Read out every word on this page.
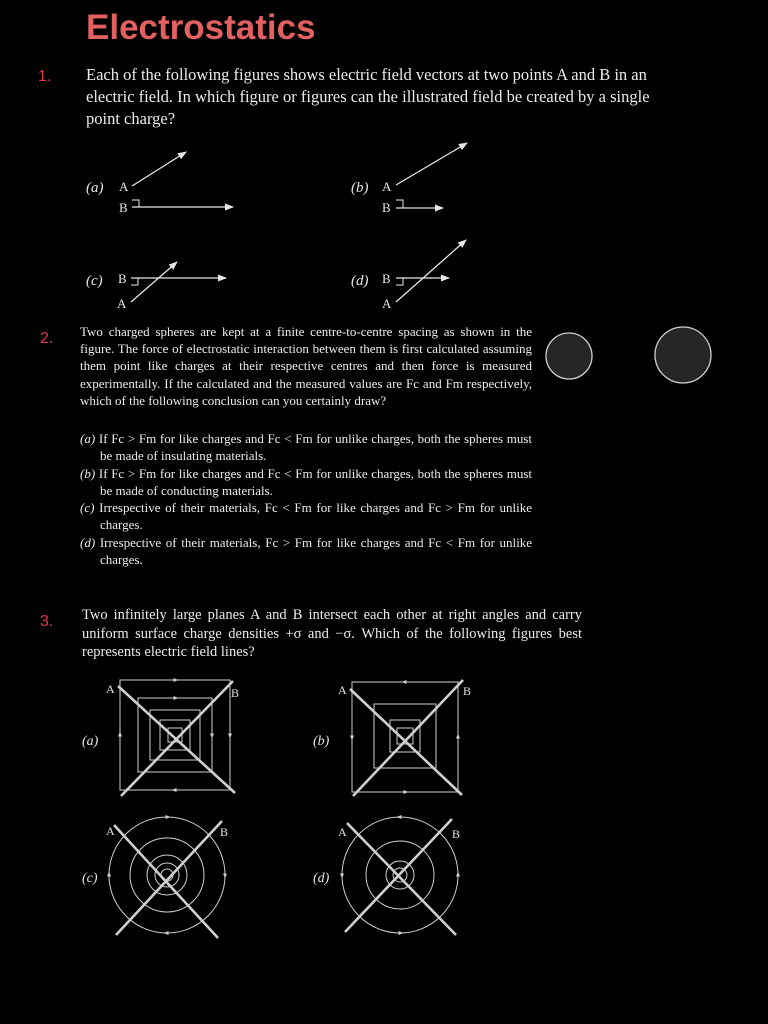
Electrostatics
1. Each of the following figures shows electric field vectors at two points A and B in an electric field. In which figure or figures can the illustrated field be created by a single point charge?
2. Two charged spheres are kept at a finite centre-to-centre spacing as shown in the figure. The force of electrostatic interaction between them is first calculated assuming them point like charges at their respective centres and then force is measured experimentally. If the calculated and the measured values are Fc and Fm respectively, which of the following conclusion can you certainly draw?

(a) If Fc > Fm for like charges and Fc < Fm for unlike charges, both the spheres must be made of insulating materials.

(b) If Fc > Fm for like charges and Fc < Fm for unlike charges, both the spheres must be made of conducting materials.

(c) Irrespective of their materials, Fc < Fm for like charges and Fc > Fm for unlike charges.

(d) Irrespective of their materials, Fc > Fm for like charges and Fc < Fm for unlike charges.

3. Two infinitely large planes A and B intersect each other at right angles and carry uniform surface charge densities +σ and −σ. Which of the following figures best represents electric field lines?
(a) A
B
(b) A
B
(c) B
A
(d) B
A
(a)
A	B
(b)
A	B
(c)
A	B
(d)
A	B
